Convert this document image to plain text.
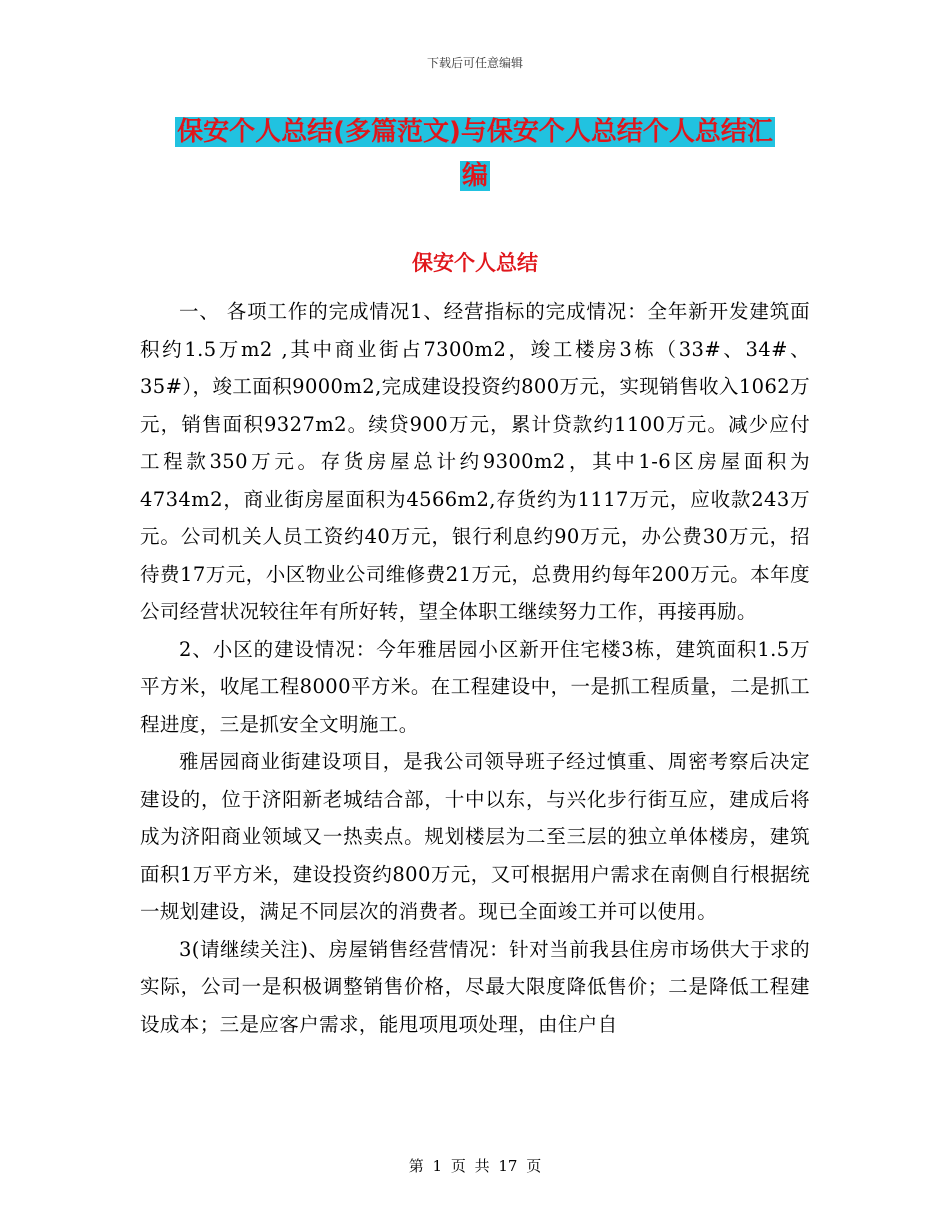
下载后可任意编辑
保安个人总结(多篇范文)与保安个人总结个人总结汇
编
保安个人总结

一、 各项工作的完成情况1、经营指标的完成情况：全年新开发建筑面积约1.5万m2 ,其中商业街占7300m2，竣工楼房3栋（33#、34#、35#），竣工面积9000m2,完成建设投资约800万元，实现销售收入1062万元，销售面积9327m2。续贷900万元，累计贷款约1100万元。减少应付工程款350万元。存货房屋总计约9300m2，其中1-6区房屋面积为4734m2，商业街房屋面积为4566m2,存货约为1117万元，应收款243万元。公司机关人员工资约40万元，银行利息约90万元，办公费30万元，招待费17万元，小区物业公司维修费21万元，总费用约每年200万元。本年度公司经营状况较往年有所好转，望全体职工继续努力工作，再接再励。

2、小区的建设情况：今年雅居园小区新开住宅楼3栋，建筑面积1.5万平方米，收尾工程8000平方米。在工程建设中，一是抓工程质量，二是抓工程进度，三是抓安全文明施工。

雅居园商业街建设项目，是我公司领导班子经过慎重、周密考察后决定建设的，位于济阳新老城结合部，十中以东，与兴化步行街互应，建成后将成为济阳商业领域又一热卖点。规划楼层为二至三层的独立单体楼房，建筑面积1万平方米，建设投资约800万元，又可根据用户需求在南侧自行根据统一规划建设，满足不同层次的消费者。现已全面竣工并可以使用。

3(请继续关注)、房屋销售经营情况：针对当前我县住房市场供大于求的实际，公司一是积极调整销售价格，尽最大限度降低售价；二是降低工程建设成本；三是应客户需求，能甩项甩项处理，由住户自

第 1 页 共 17 页
